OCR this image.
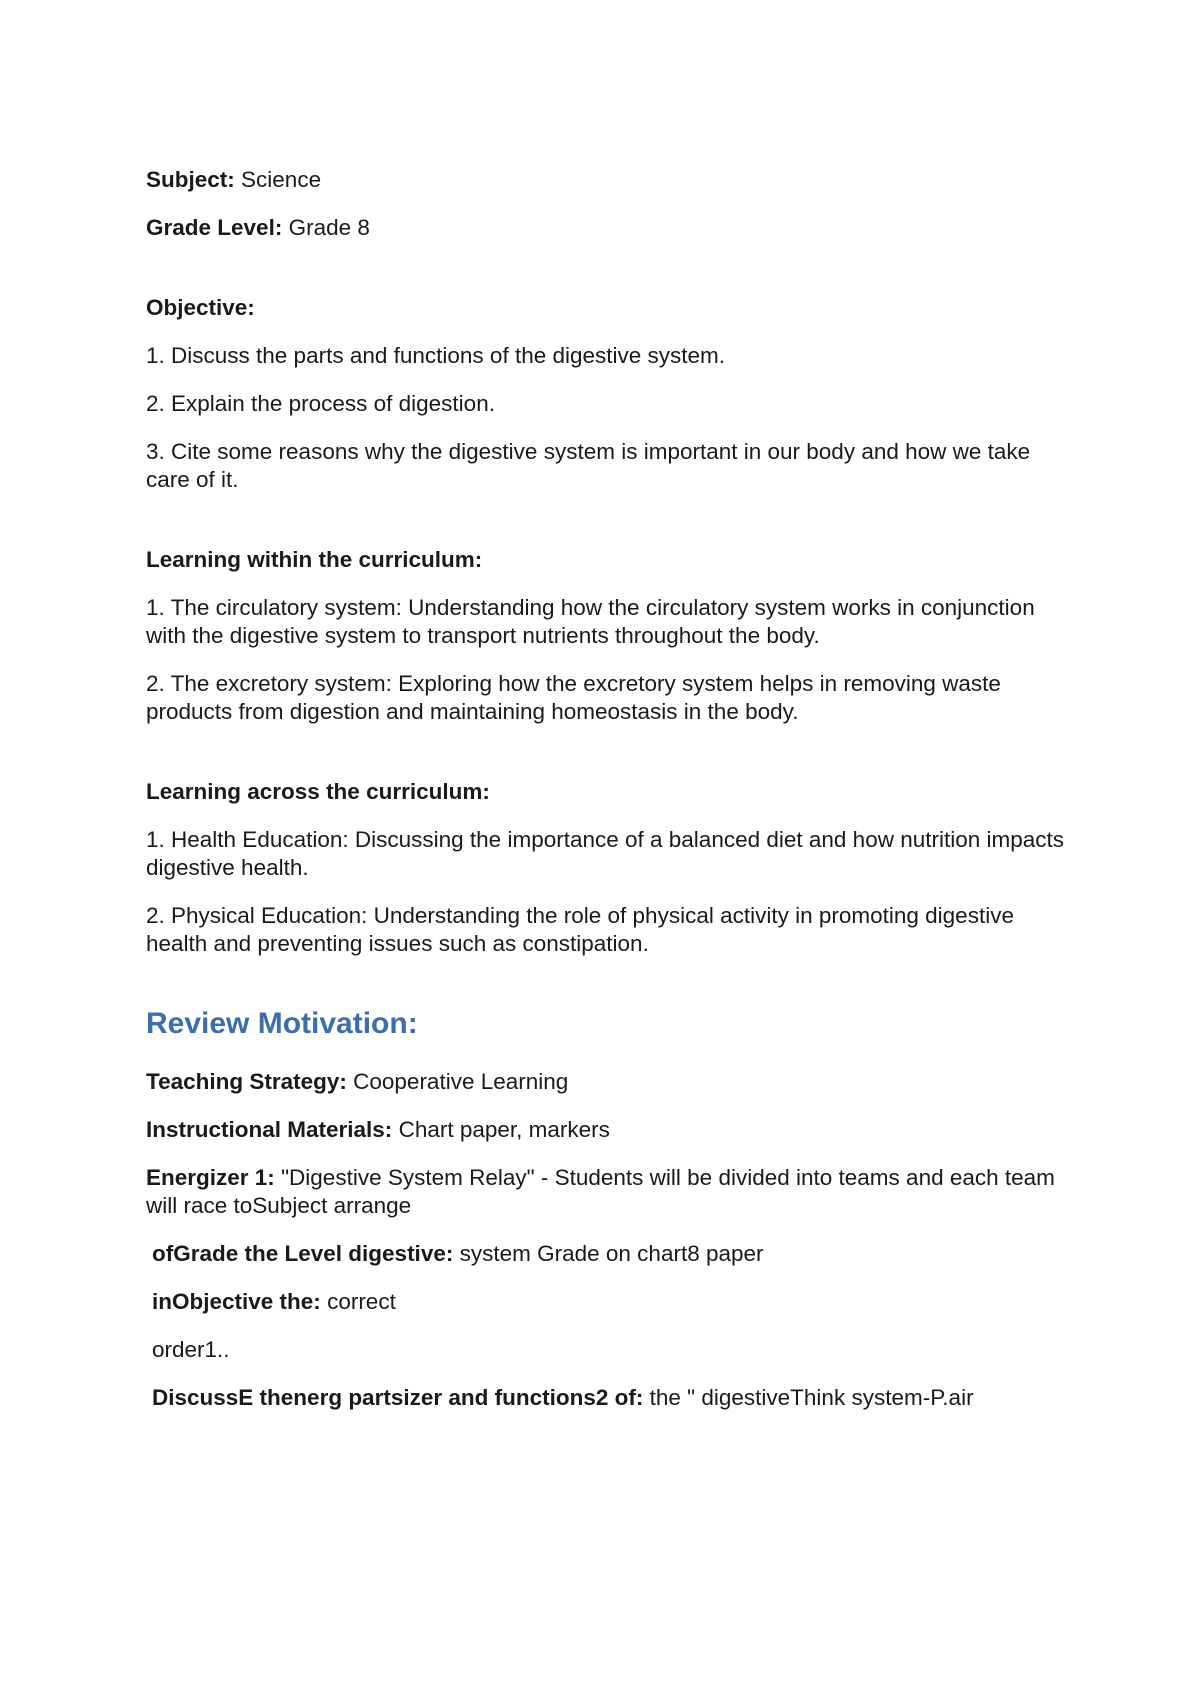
Subject: Science

Grade Level: Grade 8

Objective:

1. Discuss the parts and functions of the digestive system.

2. Explain the process of digestion.

3. Cite some reasons why the digestive system is important in our body and how we take care of it.

Learning within the curriculum:

1. The circulatory system: Understanding how the circulatory system works in conjunction with the digestive system to transport nutrients throughout the body.

2. The excretory system: Exploring how the excretory system helps in removing waste products from digestion and maintaining homeostasis in the body.

Learning across the curriculum:

1. Health Education: Discussing the importance of a balanced diet and how nutrition impacts digestive health.

2. Physical Education: Understanding the role of physical activity in promoting digestive health and preventing issues such as constipation.

Review Motivation:

Teaching Strategy: Cooperative Learning

Instructional Materials: Chart paper, markers

Energizer 1: "Digestive System Relay" - Students will be divided into teams and each team will race toSubject arrange

ofGrade the Level digestive: system Grade on chart8 paper

inObjective the: correct

order1..

DiscussE thenerg partsizer and functions2 of: the " digestiveThink system-P.air
